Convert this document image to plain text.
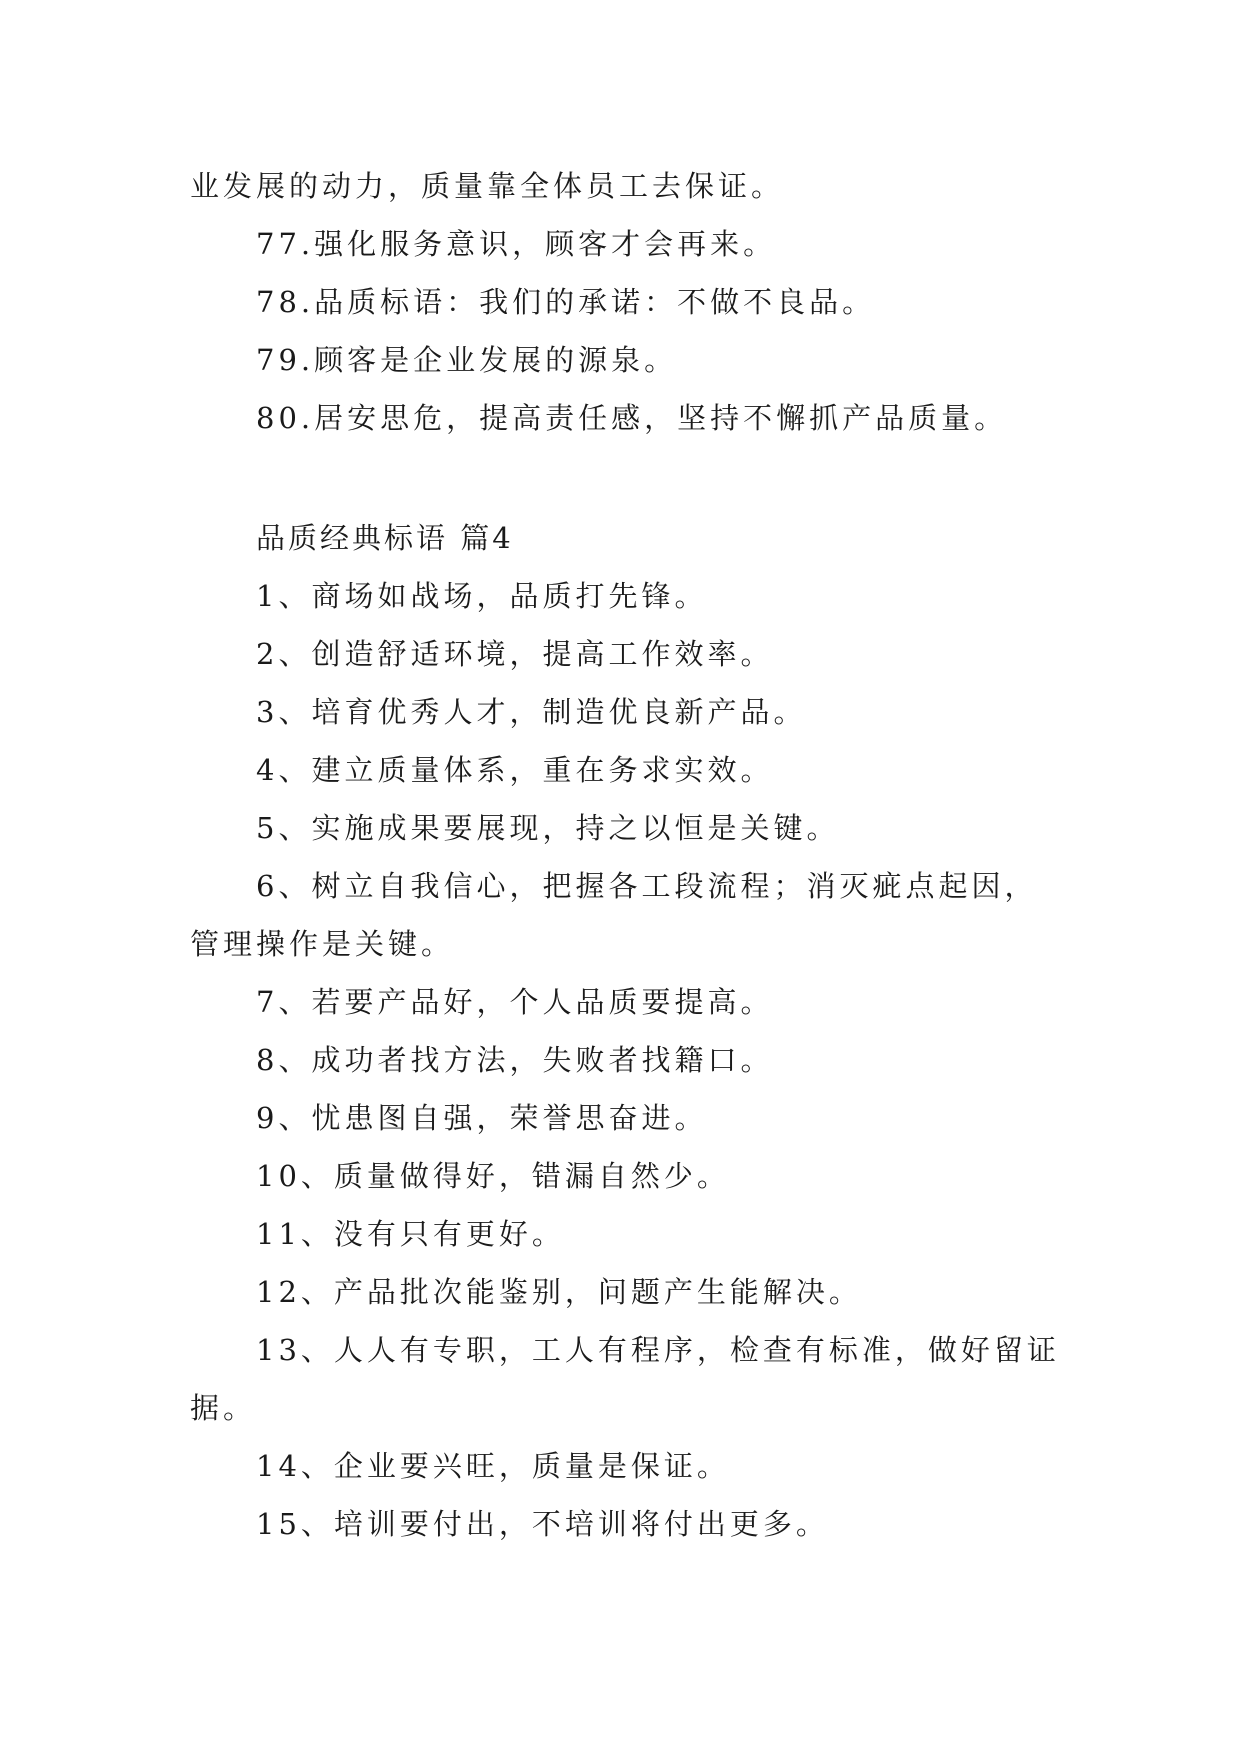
业发展的动力，质量靠全体员工去保证。
77.强化服务意识，顾客才会再来。
78.品质标语：我们的承诺：不做不良品。
79.顾客是企业发展的源泉。
80.居安思危，提高责任感，坚持不懈抓产品质量。
品质经典标语 篇4
1、商场如战场，品质打先锋。
2、创造舒适环境，提高工作效率。
3、培育优秀人才，制造优良新产品。
4、建立质量体系，重在务求实效。
5、实施成果要展现，持之以恒是关键。
6、树立自我信心，把握各工段流程；消灭疵点起因，
管理操作是关键。
7、若要产品好，个人品质要提高。
8、成功者找方法，失败者找籍口。
9、忧患图自强，荣誉思奋进。
10、质量做得好，错漏自然少。
11、没有只有更好。
12、产品批次能鉴别，问题产生能解决。
13、人人有专职，工人有程序，检查有标准，做好留证
据。
14、企业要兴旺，质量是保证。
15、培训要付出，不培训将付出更多。
